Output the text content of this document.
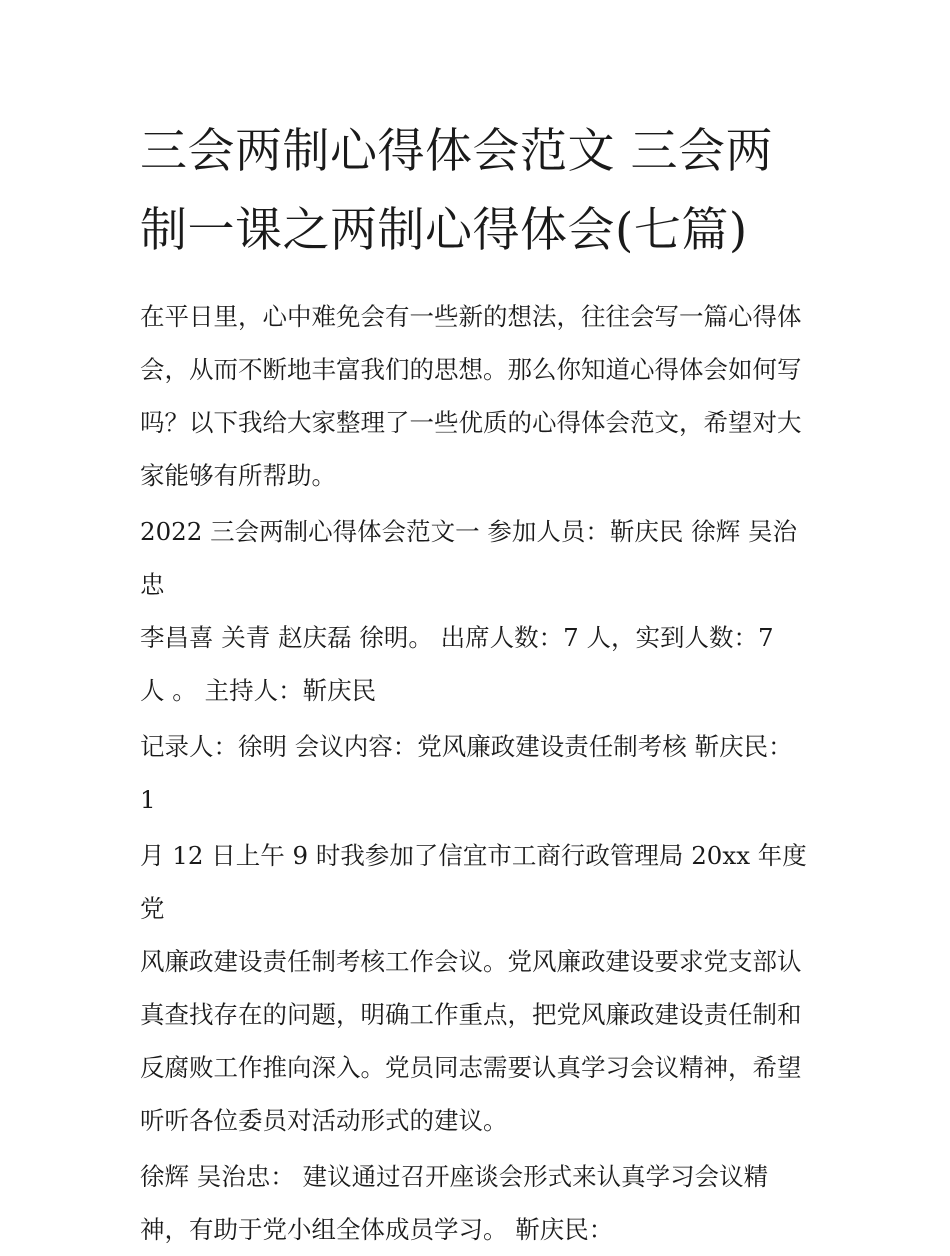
三会两制心得体会范文 三会两
制一课之两制心得体会(七篇)

在平日里，心中难免会有一些新的想法，往往会写一篇心得体
会，从而不断地丰富我们的思想。那么你知道心得体会如何写
吗？以下我给大家整理了一些优质的心得体会范文，希望对大
家能够有所帮助。

2022 三会两制心得体会范文一 参加人员：靳庆民 徐辉 吴治忠
李昌喜 关青 赵庆磊 徐明。 出席人数：7 人，实到人数：7
人 。 主持人：靳庆民

记录人：徐明 会议内容：党风廉政建设责任制考核 靳庆民：
1

月 12 日上午 9 时我参加了信宜市工商行政管理局 20xx 年度党
风廉政建设责任制考核工作会议。党风廉政建设要求党支部认
真查找存在的问题，明确工作重点，把党风廉政建设责任制和
反腐败工作推向深入。党员同志需要认真学习会议精神，希望
听听各位委员对活动形式的建议。

徐辉 吴治忠： 建议通过召开座谈会形式来认真学习会议精
神，有助于党小组全体成员学习。 靳庆民：
